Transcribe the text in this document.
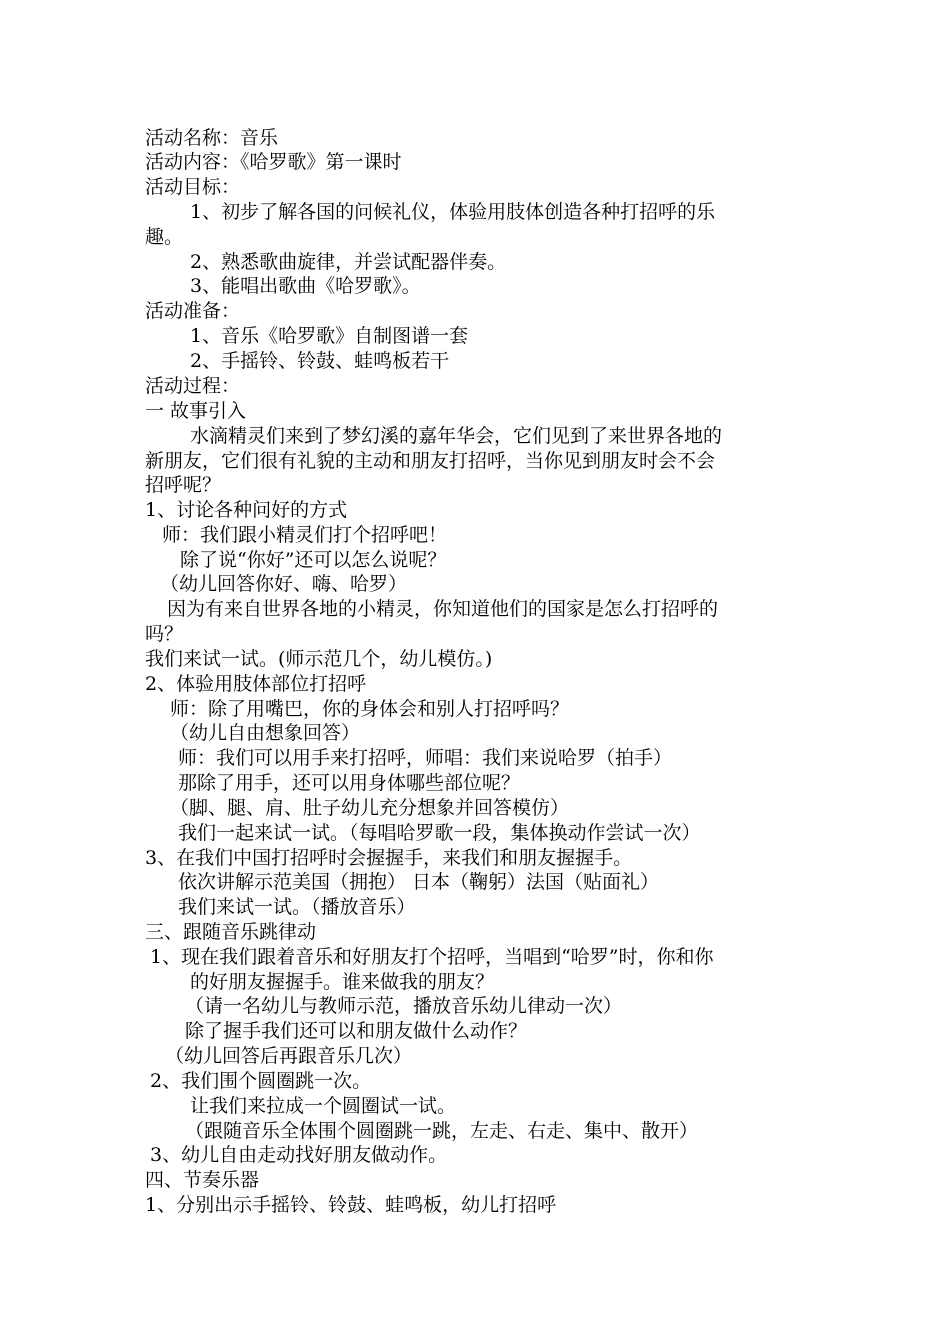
活动名称：音乐
活动内容：《哈罗歌》第一课时
活动目标：
1、初步了解各国的问候礼仪，体验用肢体创造各种打招呼的乐
趣。
2、熟悉歌曲旋律，并尝试配器伴奏。
3、能唱出歌曲《哈罗歌》。
活动准备：
1、音乐《哈罗歌》自制图谱一套
2、手摇铃、铃鼓、蛙鸣板若干
活动过程：
一 故事引入
水滴精灵们来到了梦幻溪的嘉年华会，它们见到了来世界各地的
新朋友，它们很有礼貌的主动和朋友打招呼，当你见到朋友时会不会
招呼呢？
1、讨论各种问好的方式
师：我们跟小精灵们打个招呼吧！
除了说“你好”还可以怎么说呢？
（幼儿回答你好、嗨、哈罗）
因为有来自世界各地的小精灵，你知道他们的国家是怎么打招呼的
吗？
我们来试一试。(师示范几个，幼儿模仿。)
2、体验用肢体部位打招呼
师：除了用嘴巴，你的身体会和别人打招呼吗？
（幼儿自由想象回答）
师：我们可以用手来打招呼，师唱：我们来说哈罗（拍手）
那除了用手，还可以用身体哪些部位呢？
（脚、腿、肩、肚子幼儿充分想象并回答模仿）
我们一起来试一试。（每唱哈罗歌一段，集体换动作尝试一次）
3、在我们中国打招呼时会握握手，来我们和朋友握握手。
依次讲解示范美国（拥抱） 日本（鞠躬）法国（贴面礼）
我们来试一试。（播放音乐）
三、跟随音乐跳律动
1、现在我们跟着音乐和好朋友打个招呼，当唱到“哈罗”时，你和你
的好朋友握握手。谁来做我的朋友？
（请一名幼儿与教师示范，播放音乐幼儿律动一次）
除了握手我们还可以和朋友做什么动作？
（幼儿回答后再跟音乐几次）
2、我们围个圆圈跳一次。
让我们来拉成一个圆圈试一试。
（跟随音乐全体围个圆圈跳一跳，左走、右走、集中、散开）
3、幼儿自由走动找好朋友做动作。
四、节奏乐器
1、分别出示手摇铃、铃鼓、蛙鸣板，幼儿打招呼
